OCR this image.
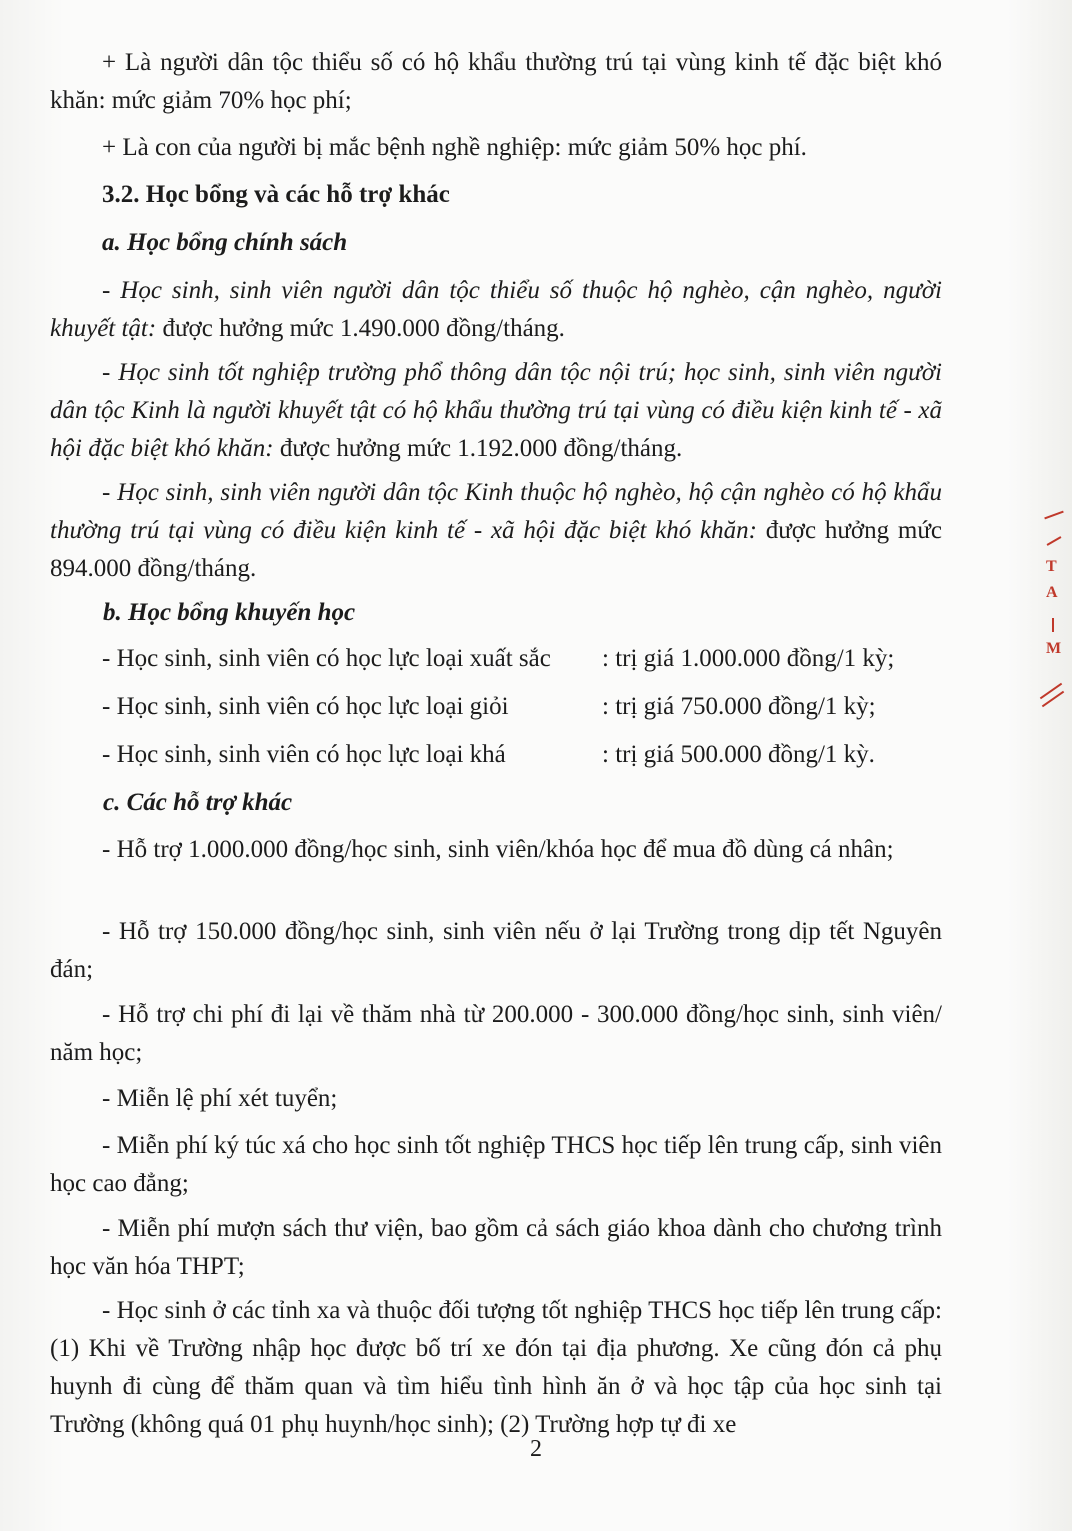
+ Là người dân tộc thiểu số có hộ khẩu thường trú tại vùng kinh tế đặc biệt khó khăn: mức giảm 70% học phí;

+ Là con của người bị mắc bệnh nghề nghiệp: mức giảm 50% học phí.

3.2. Học bổng và các hỗ trợ khác

a. Học bổng chính sách

- Học sinh, sinh viên người dân tộc thiểu số thuộc hộ nghèo, cận nghèo, người khuyết tật: được hưởng mức 1.490.000 đồng/tháng.

- Học sinh tốt nghiệp trường phổ thông dân tộc nội trú; học sinh, sinh viên người dân tộc Kinh là người khuyết tật có hộ khẩu thường trú tại vùng có điều kiện kinh tế - xã hội đặc biệt khó khăn: được hưởng mức 1.192.000 đồng/tháng.

- Học sinh, sinh viên người dân tộc Kinh thuộc hộ nghèo, hộ cận nghèo có hộ khẩu thường trú tại vùng có điều kiện kinh tế - xã hội đặc biệt khó khăn: được hưởng mức 894.000 đồng/tháng.

b. Học bổng khuyến học

- Học sinh, sinh viên có học lực loại xuất sắc : trị giá 1.000.000 đồng/1 kỳ;
- Học sinh, sinh viên có học lực loại giỏi	: trị giá 750.000 đồng/1 kỳ;
- Học sinh, sinh viên có học lực loại khá	: trị giá 500.000 đồng/1 kỳ.

c. Các hỗ trợ khác

- Hỗ trợ 1.000.000 đồng/học sinh, sinh viên/khóa học để mua đồ dùng cá nhân;

- Hỗ trợ 150.000 đồng/học sinh, sinh viên nếu ở lại Trường trong dịp tết Nguyên đán;

- Hỗ trợ chi phí đi lại về thăm nhà từ 200.000 - 300.000 đồng/học sinh, sinh viên/ năm học;

- Miễn lệ phí xét tuyển;

- Miễn phí ký túc xá cho học sinh tốt nghiệp THCS học tiếp lên trung cấp, sinh viên học cao đẳng;

- Miễn phí mượn sách thư viện, bao gồm cả sách giáo khoa dành cho chương trình học văn hóa THPT;

- Học sinh ở các tỉnh xa và thuộc đối tượng tốt nghiệp THCS học tiếp lên trung cấp: (1) Khi về Trường nhập học được bố trí xe đón tại địa phương. Xe cũng đón cả phụ huynh đi cùng để thăm quan và tìm hiểu tình hình ăn ở và học tập của học sinh tại Trường (không quá 01 phụ huynh/học sinh); (2) Trường hợp tự đi xe

2
T
A
M
